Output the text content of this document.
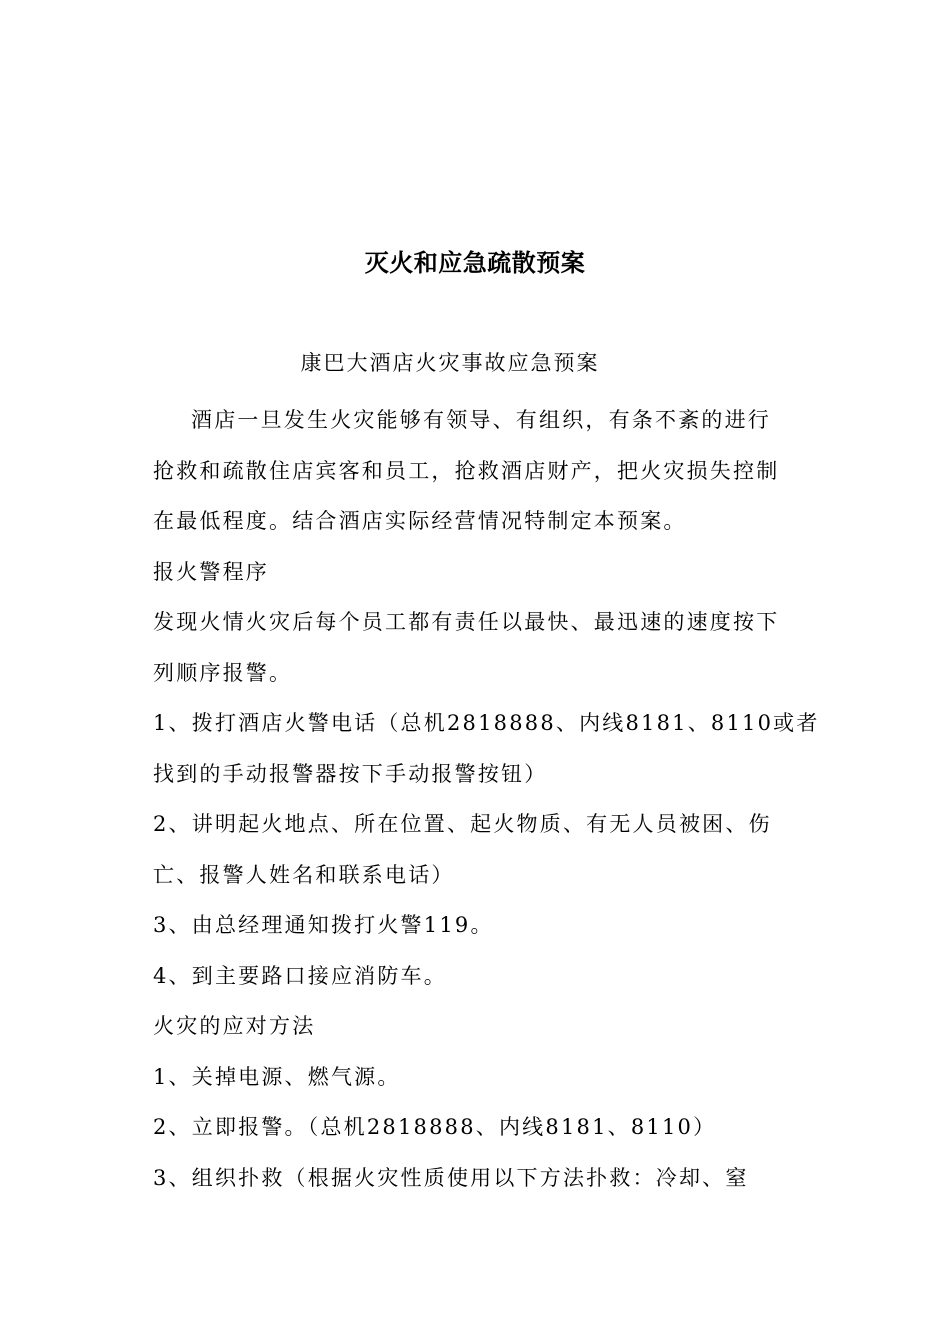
灭火和应急疏散预案
康巴大酒店火灾事故应急预案

酒店一旦发生火灾能够有领导、有组织，有条不紊的进行

抢救和疏散住店宾客和员工，抢救酒店财产，把火灾损失控制

在最低程度。结合酒店实际经营情况特制定本预案。

报火警程序

发现火情火灾后每个员工都有责任以最快、最迅速的速度按下

列顺序报警。

1、拨打酒店火警电话（总机2818888、内线8181、8110或者

找到的手动报警器按下手动报警按钮）

2、讲明起火地点、所在位置、起火物质、有无人员被困、伤

亡、报警人姓名和联系电话）

3、由总经理通知拨打火警119。

4、到主要路口接应消防车。

火灾的应对方法

1、关掉电源、燃气源。

2、立即报警。（总机2818888、内线8181、8110）

3、组织扑救（根据火灾性质使用以下方法扑救：冷却、窒
